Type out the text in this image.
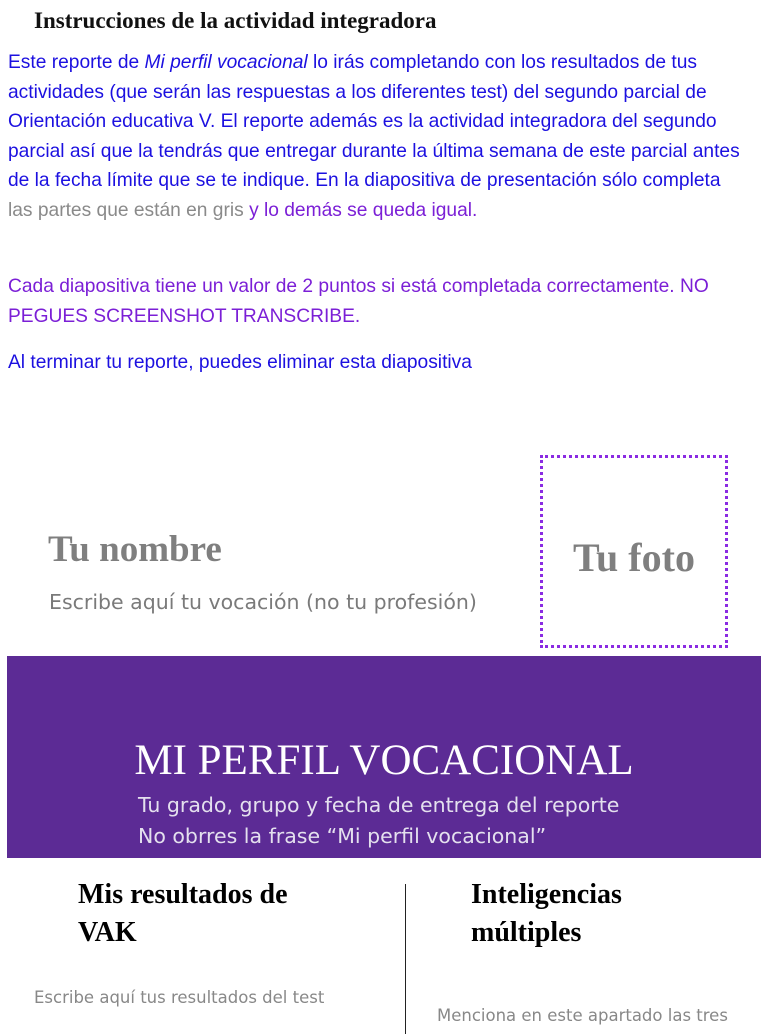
Instrucciones de la actividad integradora
Este reporte de Mi perfil vocacional lo irás completando con los resultados de tus actividades (que serán las respuestas a los diferentes test) del segundo parcial de Orientación educativa V. El reporte además es la actividad integradora del segundo parcial así que la tendrás que entregar durante la última semana de este parcial antes de la fecha límite que se te indique. En la diapositiva de presentación sólo completa las partes que están en gris y lo demás se queda igual.
Cada diapositiva tiene un valor de 2 puntos si está completada correctamente. NO PEGUES SCREENSHOT TRANSCRIBE.
Al terminar tu reporte, puedes eliminar esta diapositiva
Tu nombre
Escribe aquí tu vocación (no tu profesión)
Tu foto
MI PERFIL VOCACIONAL
Tu grado, grupo y fecha de entrega del reporte
No obrres la frase “Mi perfil vocacional”
Mis resultados de VAK
Inteligencias múltiples
Escribe aquí tus resultados del test
Menciona en este apartado las tres
